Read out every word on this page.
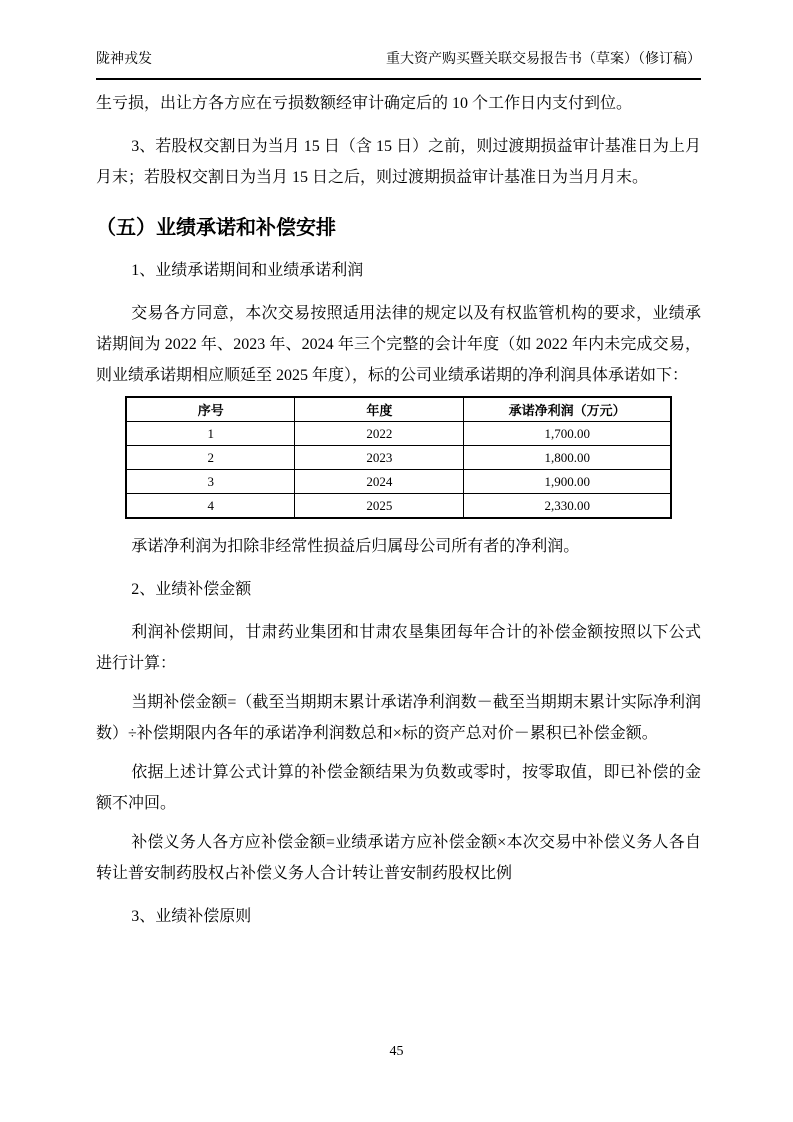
陇神戎发	重大资产购买暨关联交易报告书（草案）（修订稿）

生亏损，出让方各方应在亏损数额经审计确定后的 10 个工作日内支付到位。

3、若股权交割日为当月 15 日（含 15 日）之前，则过渡期损益审计基准日为上月月末；若股权交割日为当月 15 日之后，则过渡期损益审计基准日为当月月末。

（五）业绩承诺和补偿安排

1、业绩承诺期间和业绩承诺利润

交易各方同意，本次交易按照适用法律的规定以及有权监管机构的要求，业绩承诺期间为 2022 年、2023 年、2024 年三个完整的会计年度（如 2022 年内未完成交易，则业绩承诺期相应顺延至 2025 年度），标的公司业绩承诺期的净利润具体承诺如下：

序号	年度	承诺净利润（万元）
1	2022	1,700.00
2	2023	1,800.00
3	2024	1,900.00
4	2025	2,330.00

承诺净利润为扣除非经常性损益后归属母公司所有者的净利润。

2、业绩补偿金额

利润补偿期间，甘肃药业集团和甘肃农垦集团每年合计的补偿金额按照以下公式进行计算：

当期补偿金额=（截至当期期末累计承诺净利润数－截至当期期末累计实际净利润数）÷补偿期限内各年的承诺净利润数总和×标的资产总对价－累积已补偿金额。

依据上述计算公式计算的补偿金额结果为负数或零时，按零取值，即已补偿的金额不冲回。

补偿义务人各方应补偿金额=业绩承诺方应补偿金额×本次交易中补偿义务人各自转让普安制药股权占补偿义务人合计转让普安制药股权比例

3、业绩补偿原则

45
